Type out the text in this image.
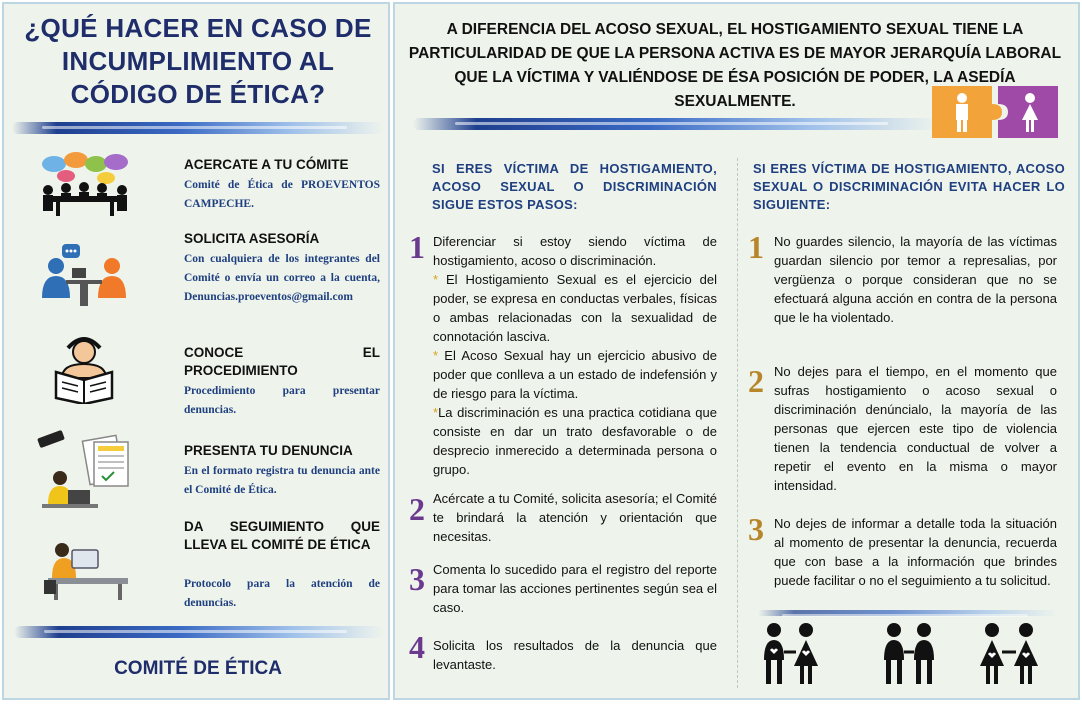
¿QUÉ HACER EN CASO DE
INCUMPLIMIENTO AL
CÓDIGO DE ÉTICA?
ACERCATE A TU CÓMITE
Comité de Ética de PROEVENTOS CAMPECHE.
SOLICITA ASESORÍA
Con cualquiera de los integrantes del Comité o envía un correo a la cuenta, Denuncias.proeventos@gmail.com
CONOCE EL PROCEDIMIENTO
Procedimiento para presentar denuncias.
PRESENTA TU DENUNCIA
En el formato registra tu denuncia ante el Comité de Ética.
DA SEGUIMIENTO QUE LLEVA EL COMITÉ DE ÉTICA
Protocolo para la atención de denuncias.
COMITÉ DE ÉTICA
A DIFERENCIA DEL ACOSO SEXUAL, EL HOSTIGAMIENTO SEXUAL TIENE LA PARTICULARIDAD DE QUE LA PERSONA ACTIVA ES DE MAYOR JERARQUÍA LABORAL QUE LA VÍCTIMA Y VALIÉNDOSE DE ÉSA POSICIÓN DE PODER, LA ASEDÍA SEXUALMENTE.
SI ERES VÍCTIMA DE HOSTIGAMIENTO, ACOSO SEXUAL O DISCRIMINACIÓN SIGUE ESTOS PASOS:
1 Diferenciar si estoy siendo víctima de hostigamiento, acoso o discriminación.
* El Hostigamiento Sexual es el ejercicio del poder, se expresa en conductas verbales, físicas o ambas relacionadas con la sexualidad de connotación lasciva.
* El Acoso Sexual hay un ejercicio abusivo de poder que conlleva a un estado de indefensión y de riesgo para la víctima.
*La discriminación es una practica cotidiana que consiste en dar un trato desfavorable o de desprecio inmerecido a determinada persona o grupo.
2 Acércate a tu Comité, solicita asesoría; el Comité te brindará la atención y orientación que necesitas.
3 Comenta lo sucedido para el registro del reporte para tomar las acciones pertinentes según sea el caso.
4 Solicita los resultados de la denuncia que levantaste.
SI ERES VÍCTIMA DE HOSTIGAMIENTO, ACOSO SEXUAL O DISCRIMINACIÓN EVITA HACER LO SIGUIENTE:
1 No guardes silencio, la mayoría de las víctimas guardan silencio por temor a represalias, por vergüenza o porque consideran que no se efectuará alguna acción en contra de la persona que le ha violentado.
2 No dejes para el tiempo, en el momento que sufras hostigamiento o acoso sexual o discriminación denúncialo, la mayoría de las personas que ejercen este tipo de violencia tienen la tendencia conductual de volver a repetir el evento en la misma o mayor intensidad.
3 No dejes de informar a detalle toda la situación al momento de presentar la denuncia, recuerda que con base a la información que brindes puede facilitar o no el seguimiento a tu solicitud.
